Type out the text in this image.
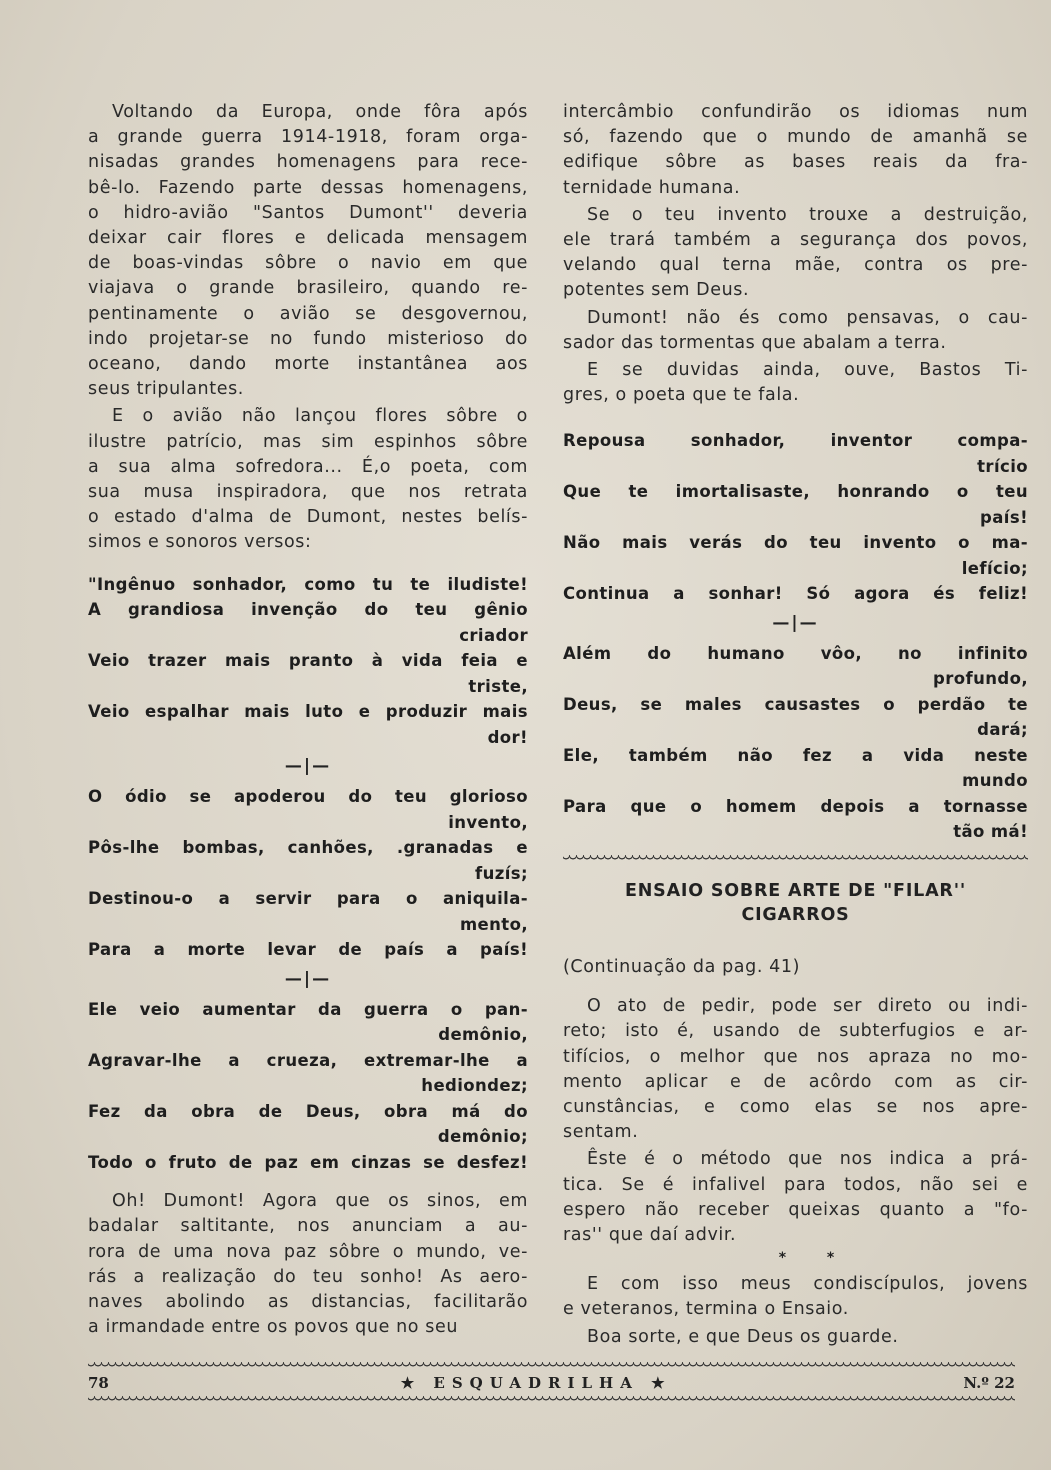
Voltando da Europa, onde fôra após
a grande guerra 1914-1918, foram orga-
nisadas grandes homenagens para rece-
bê-lo. Fazendo parte dessas homenagens,
o hidro-avião "Santos Dumont'' deveria
deixar cair flores e delicada mensagem
de boas-vindas sôbre o navio em que
viajava o grande brasileiro, quando re-
pentinamente o avião se desgovernou,
indo projetar-se no fundo misterioso do
oceano, dando morte instantânea aos
seus tripulantes.
E o avião não lançou flores sôbre o
ilustre patrício, mas sim espinhos sôbre
a sua alma sofredora... É,o poeta, com
sua musa inspiradora, que nos retrata
o estado d'alma de Dumont, nestes belís-
simos e sonoros versos:
"Ingênuo sonhador, como tu te iludiste!
A grandiosa invenção do teu gênio
criador
Veio trazer mais pranto à vida feia e
triste,
Veio espalhar mais luto e produzir mais
dor!
—|—
O ódio se apoderou do teu glorioso
invento,
Pôs-lhe bombas, canhões, .granadas e
fuzís;
Destinou-o a servir para o aniquila-
mento,
Para a morte levar de país a país!
—|—
Ele veio aumentar da guerra o pan-
demônio,
Agravar-lhe a crueza, extremar-lhe a
hediondez;
Fez da obra de Deus, obra má do
demônio;
Todo o fruto de paz em cinzas se desfez!
Oh! Dumont! Agora que os sinos, em
badalar saltitante, nos anunciam a au-
rora de uma nova paz sôbre o mundo, ve-
rás a realização do teu sonho! As aero-
naves abolindo as distancias, facilitarão
a irmandade entre os povos que no seu
intercâmbio confundirão os idiomas num
só, fazendo que o mundo de amanhã se
edifique sôbre as bases reais da fra-
ternidade humana.
Se o teu invento trouxe a destruição,
ele trará também a segurança dos povos,
velando qual terna mãe, contra os pre-
potentes sem Deus.
Dumont! não és como pensavas, o cau-
sador das tormentas que abalam a terra.
E se duvidas ainda, ouve, Bastos Ti-
gres, o poeta que te fala.
Repousa sonhador, inventor compa-
trício
Que te imortalisaste, honrando o teu
país!
Não mais verás do teu invento o ma-
lefício;
Continua a sonhar! Só agora és feliz!
—|—
Além do humano vôo, no infinito
profundo,
Deus, se males causastes o perdão te
dará;
Ele, também não fez a vida neste
mundo
Para que o homem depois a tornasse
tão má!
ENSAIO SOBRE ARTE DE "FILAR''
CIGARROS
(Continuação da pag. 41)
O ato de pedir, pode ser direto ou indi-
reto; isto é, usando de subterfugios e ar-
tifícios, o melhor que nos apraza no mo-
mento aplicar e de acôrdo com as cir-
cunstâncias, e como elas se nos apre-
sentam.
Êste é o método que nos indica a prá-
tica. Se é infalivel para todos, não sei e
espero não receber queixas quanto a "fo-
ras'' que daí advir.
* *
E com isso meus condiscípulos, jovens
e veteranos, termina o Ensaio.
Boa sorte, e que Deus os guarde.
78	★ ESQUADRILHA ★	N.º 22
